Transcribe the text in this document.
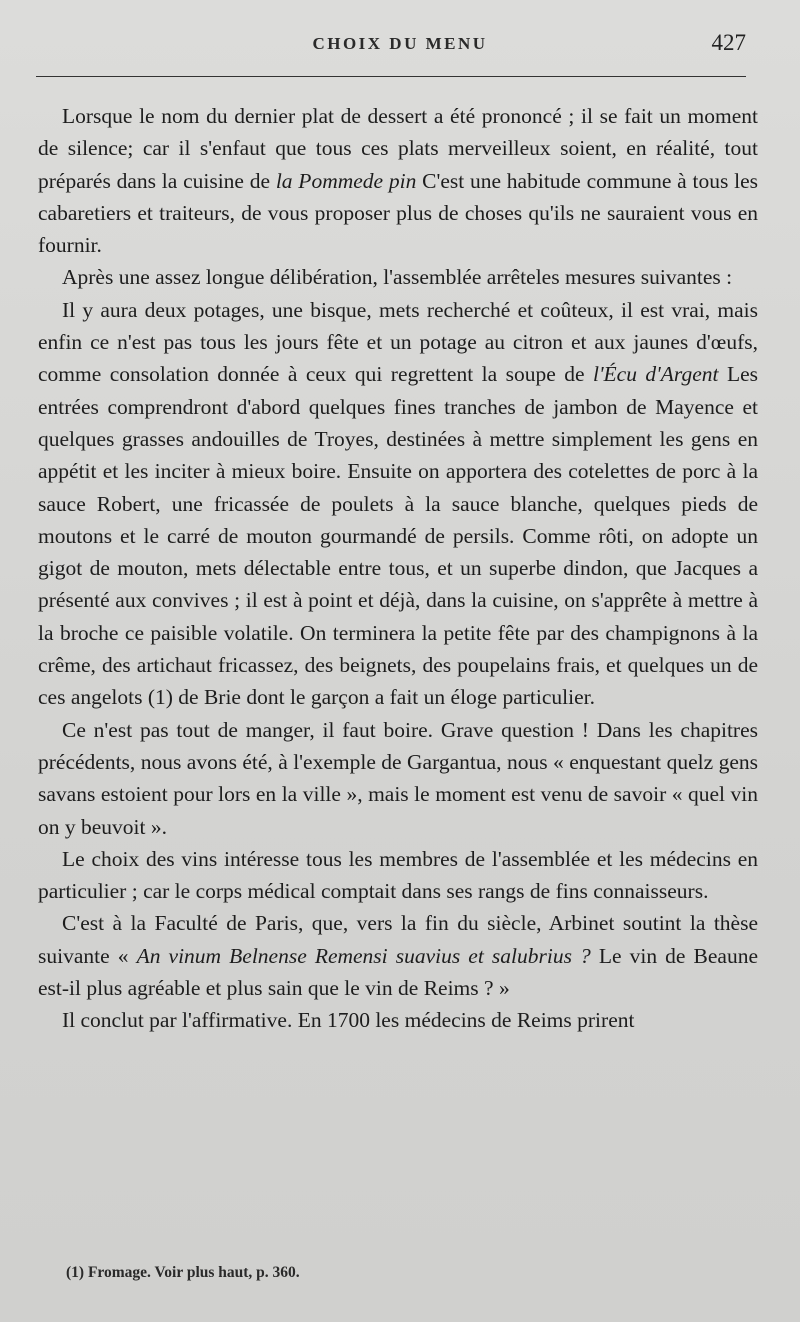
CHOIX DU MENU	427

Lorsque le nom du dernier plat de dessert a été prononcé ; il se fait un moment de silence; car il s'enfaut que tous ces plats merveilleux soient, en réalité, tout préparés dans la cuisine de la Pommede pin C'est une habitude commune à tous les cabaretiers et traiteurs, de vous proposer plus de choses qu'ils ne sauraient vous en fournir.

Après une assez longue délibération, l'assemblée arrêteles mesures suivantes :

Il y aura deux potages, une bisque, mets recherché et coûteux, il est vrai, mais enfin ce n'est pas tous les jours fête et un potage au citron et aux jaunes d'œufs, comme consolation donnée à ceux qui regrettent la soupe de l'Écu d'Argent Les entrées comprendront d'abord quelques fines tranches de jambon de Mayence et quelques grasses andouilles de Troyes, destinées à mettre simplement les gens en appétit et les inciter à mieux boire. Ensuite on apportera des cotelettes de porc à la sauce Robert, une fricassée de poulets à la sauce blanche, quelques pieds de moutons et le carré de mouton gourmandé de persils. Comme rôti, on adopte un gigot de mouton, mets délectable entre tous, et un superbe dindon, que Jacques a présenté aux convives ; il est à point et déjà, dans la cuisine, on s'apprête à mettre à la broche ce paisible volatile. On terminera la petite fête par des champignons à la crême, des artichaut fricassez, des beignets, des poupelains frais, et quelques un de ces angelots (1) de Brie dont le garçon a fait un éloge particulier.

Ce n'est pas tout de manger, il faut boire. Grave question ! Dans les chapitres précédents, nous avons été, à l'exemple de Gargantua, nous « enquestant quelz gens savans estoient pour lors en la ville », mais le moment est venu de savoir « quel vin on y beuvoit ».

Le choix des vins intéresse tous les membres de l'assemblée et les médecins en particulier ; car le corps médical comptait dans ses rangs de fins connaisseurs.

C'est à la Faculté de Paris, que, vers la fin du siècle, Arbinet soutint la thèse suivante « An vinum Belnense Remensi suavius et salubrius ? Le vin de Beaune est-il plus agréable et plus sain que le vin de Reims ? »

Il conclut par l'affirmative. En 1700 les médecins de Reims prirent

(1) Fromage. Voir plus haut, p. 360.
